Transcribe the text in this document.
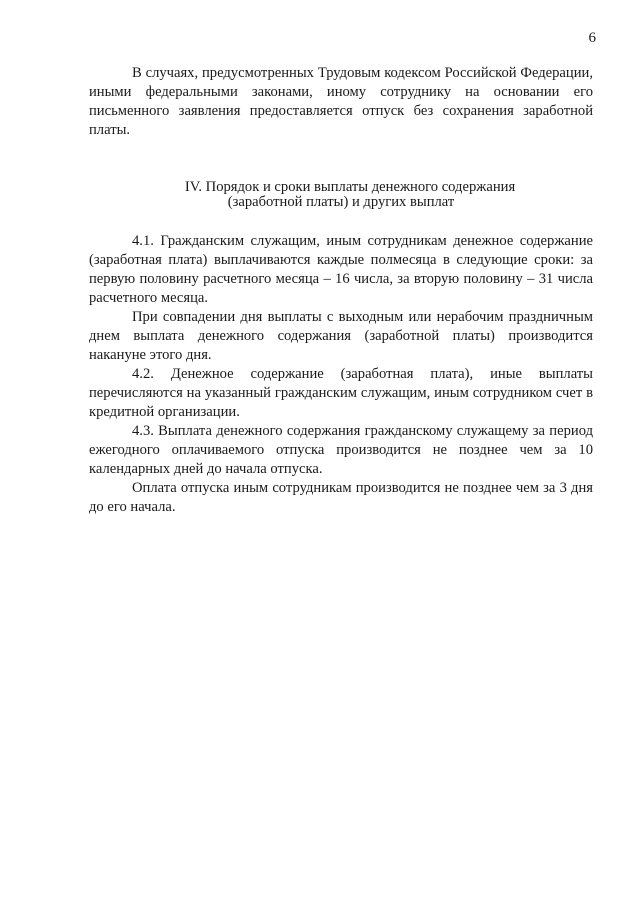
6

В случаях, предусмотренных Трудовым кодексом Российской Федерации, иными федеральными законами, иному сотруднику на основании его письменного заявления предоставляется отпуск без сохранения заработной платы.

IV. Порядок и сроки выплаты денежного содержания
(заработной платы) и других выплат

4.1. Гражданским служащим, иным сотрудникам денежное содержание (заработная плата) выплачиваются каждые полмесяца в следующие сроки: за первую половину расчетного месяца – 16 числа, за вторую половину – 31 числа расчетного месяца.

При совпадении дня выплаты с выходным или нерабочим праздничным днем выплата денежного содержания (заработной платы) производится накануне этого дня.

4.2. Денежное содержание (заработная плата), иные выплаты перечисляются на указанный гражданским служащим, иным сотрудником счет в кредитной организации.

4.3. Выплата денежного содержания гражданскому служащему за период ежегодного оплачиваемого отпуска производится не позднее чем за 10 календарных дней до начала отпуска.

Оплата отпуска иным сотрудникам производится не позднее чем за 3 дня до его начала.
